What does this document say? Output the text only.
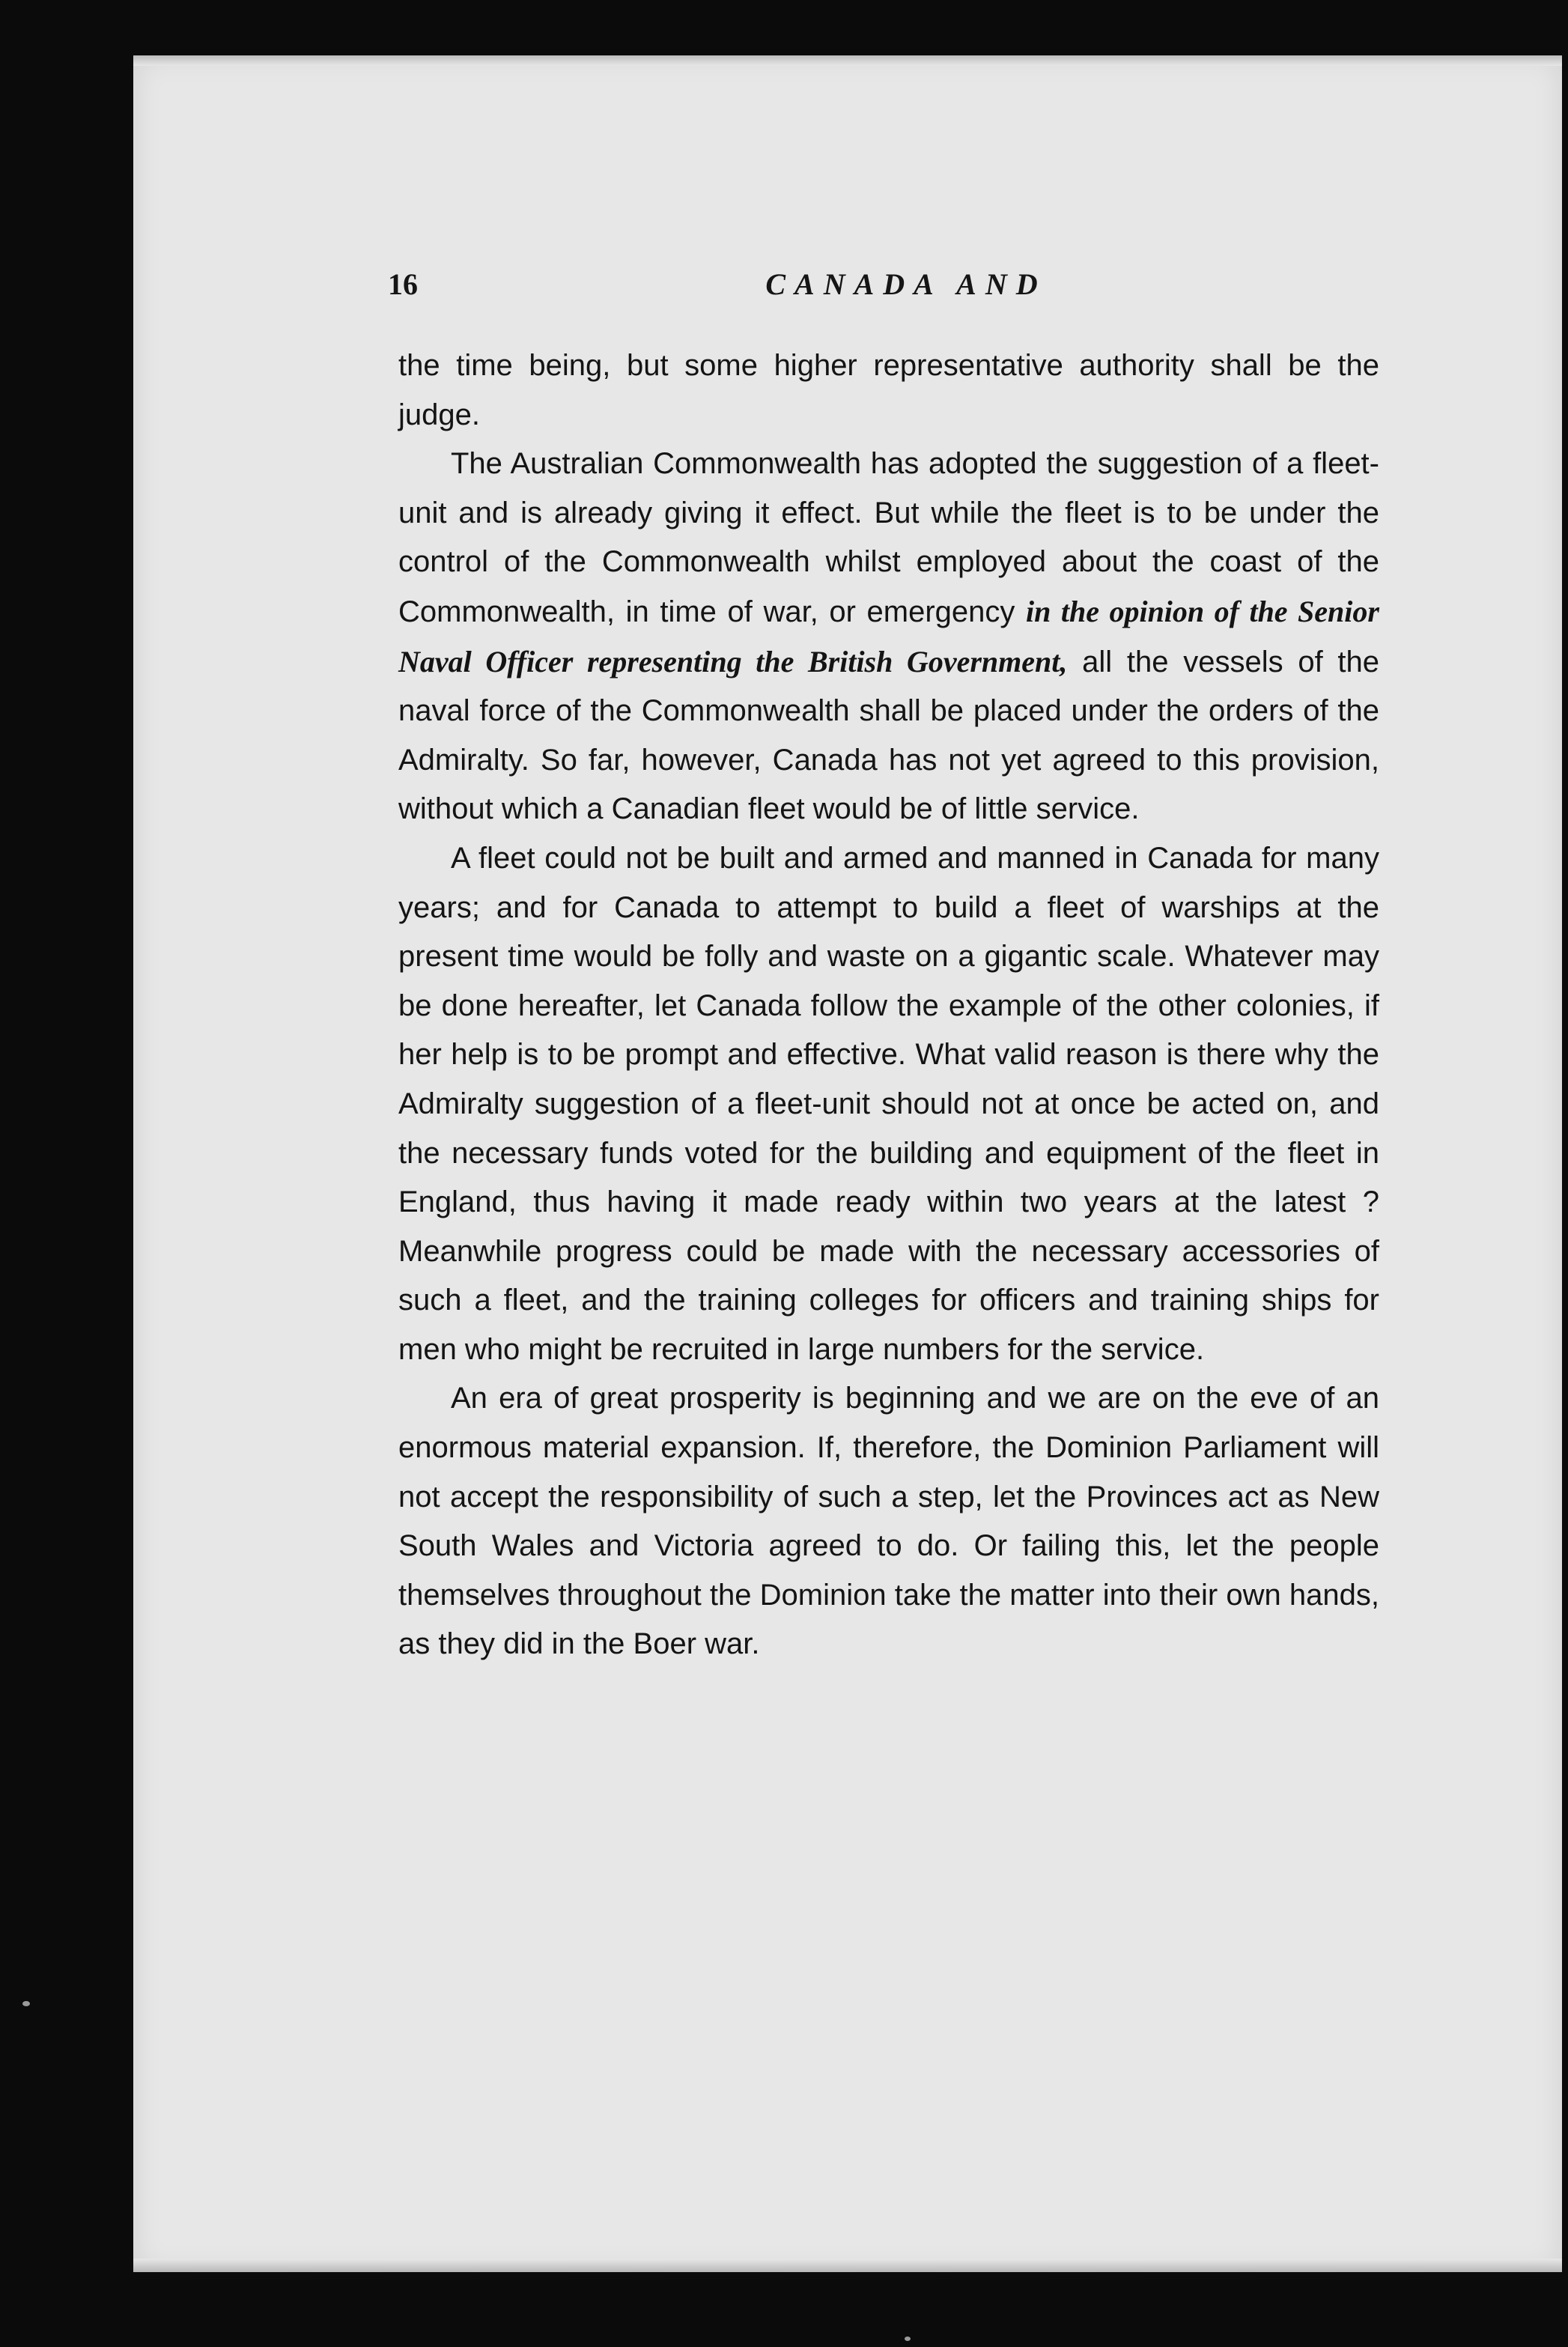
16	CANADA AND

the time being, but some higher representative authority shall be the judge.

The Australian Commonwealth has adopted the suggestion of a fleet-unit and is already giving it effect. But while the fleet is to be under the control of the Commonwealth whilst employed about the coast of the Commonwealth, in time of war, or emergency in the opinion of the Senior Naval Officer representing the British Government, all the vessels of the naval force of the Commonwealth shall be placed under the orders of the Admiralty. So far, however, Canada has not yet agreed to this provision, without which a Canadian fleet would be of little service.

A fleet could not be built and armed and manned in Canada for many years; and for Canada to attempt to build a fleet of warships at the present time would be folly and waste on a gigantic scale. Whatever may be done hereafter, let Canada follow the example of the other colonies, if her help is to be prompt and effective. What valid reason is there why the Admiralty suggestion of a fleet-unit should not at once be acted on, and the necessary funds voted for the building and equipment of the fleet in England, thus having it made ready within two years at the latest ? Meanwhile progress could be made with the necessary accessories of such a fleet, and the training colleges for officers and training ships for men who might be recruited in large numbers for the service.

An era of great prosperity is beginning and we are on the eve of an enormous material expansion. If, therefore, the Dominion Parliament will not accept the responsibility of such a step, let the Provinces act as New South Wales and Victoria agreed to do. Or failing this, let the people themselves throughout the Dominion take the matter into their own hands, as they did in the Boer war.
